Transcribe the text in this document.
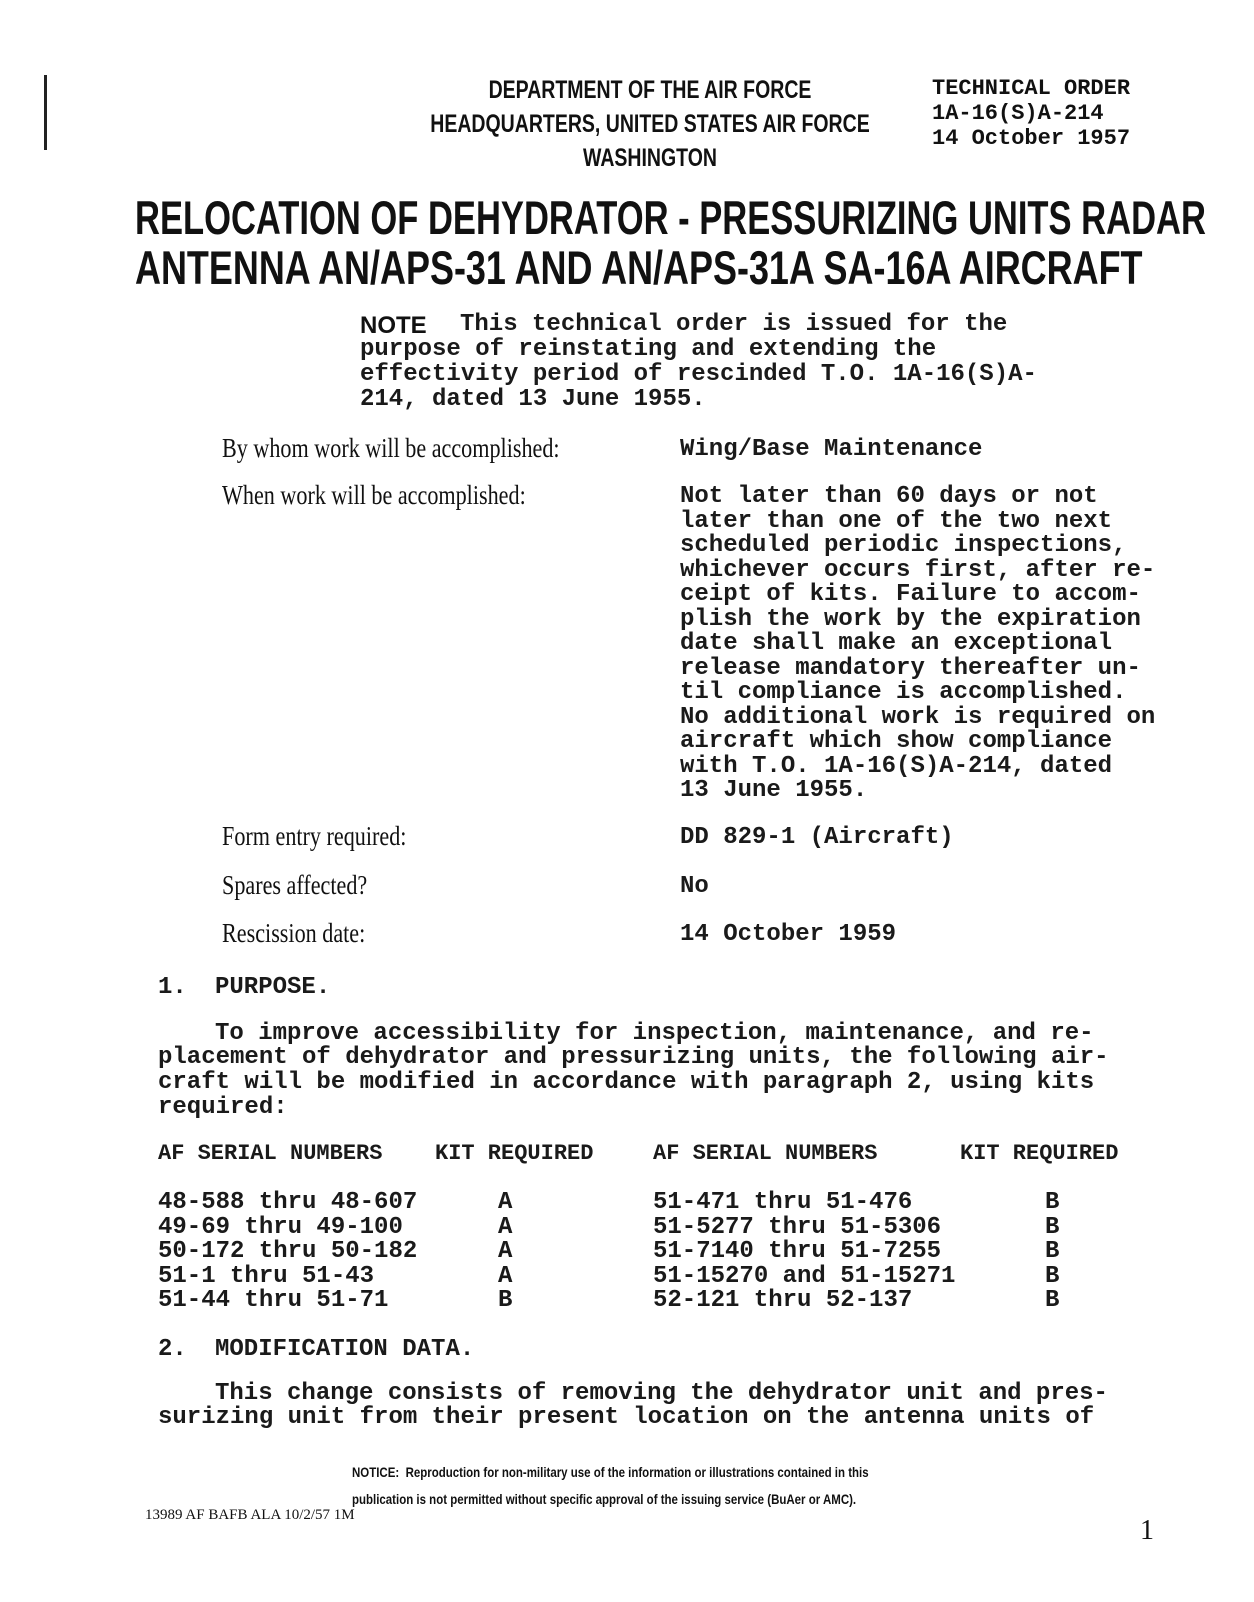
DEPARTMENT OF THE AIR FORCE
HEADQUARTERS, UNITED STATES AIR FORCE
WASHINGTON
TECHNICAL ORDER
1A-16(S)A-214
14 October 1957
RELOCATION OF DEHYDRATOR - PRESSURIZING UNITS RADAR
ANTENNA AN/APS-31 AND AN/APS-31A SA-16A AIRCRAFT
NOTE This technical order is issued for the
purpose of reinstating and extending the
effectivity period of rescinded T.O. 1A-16(S)A-
214, dated 13 June 1955.
By whom work will be accomplished:	Wing/Base Maintenance
When work will be accomplished:	Not later than 60 days or not
later than one of the two next
scheduled periodic inspections,
whichever occurs first, after re-
ceipt of kits. Failure to accom-
plish the work by the expiration
date shall make an exceptional
release mandatory thereafter un-
til compliance is accomplished.
No additional work is required on
aircraft which show compliance
with T.O. 1A-16(S)A-214, dated
13 June 1955.
Form entry required:	DD 829-1 (Aircraft)
Spares affected?	No
Rescission date:	14 October 1959
1. PURPOSE.
To improve accessibility for inspection, maintenance, and re-
placement of dehydrator and pressurizing units, the following air-
craft will be modified in accordance with paragraph 2, using kits
required:
AF SERIAL NUMBERS KIT REQUIRED	AF SERIAL NUMBERS	KIT REQUIRED
48-588 thru 48-607	A	51-471 thru 51-476	B
49-69 thru 49-100	A	51-5277 thru 51-5306	B
50-172 thru 50-182	A	51-7140 thru 51-7255	B
51-1 thru 51-43	A	51-15270 and 51-15271	B
51-44 thru 51-71	B	52-121 thru 52-137	B
2. MODIFICATION DATA.
This change consists of removing the dehydrator unit and pres-
surizing unit from their present location on the antenna units of
NOTICE:  Reproduction for non-military use of the information or illustrations contained in this
publication is not permitted without specific approval of the issuing service (BuAer or AMC).
13989 AF BAFB ALA 10/2/57 1M	1
